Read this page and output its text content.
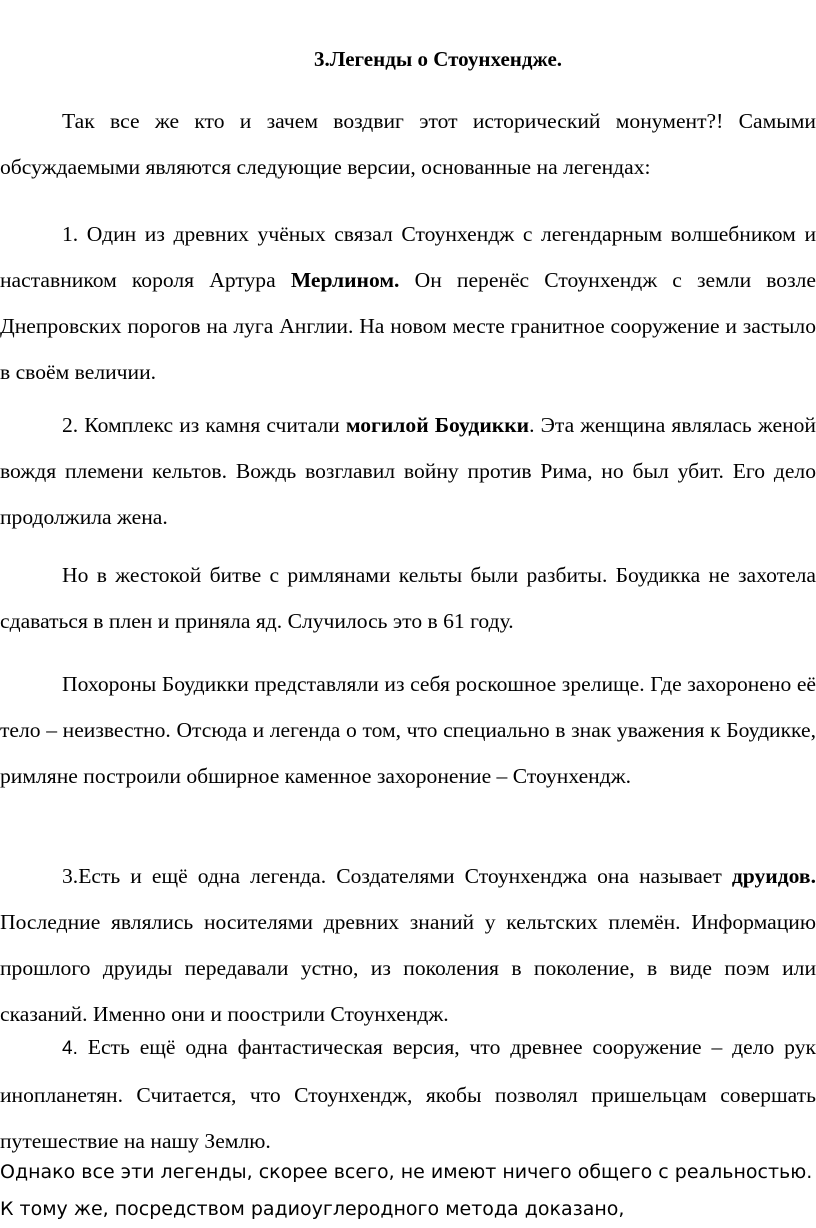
3.Легенды о Стоунхендже.

Так все же кто и зачем воздвиг этот исторический монумент?! Самыми обсуждаемыми являются следующие версии, основанные на легендах:

1. Один из древних учёных связал Стоунхендж с легендарным волшебником и наставником короля Артура Мерлином. Он перенёс Стоунхендж с земли возле Днепровских порогов на луга Англии. На новом месте гранитное сооружение и застыло в своём величии.

2. Комплекс из камня считали могилой Боудикки. Эта женщина являлась женой вождя племени кельтов. Вождь возглавил войну против Рима, но был убит. Его дело продолжила жена.

Но в жестокой битве с римлянами кельты были разбиты. Боудикка не захотела сдаваться в плен и приняла яд. Случилось это в 61 году.

Похороны Боудикки представляли из себя роскошное зрелище. Где захоронено её тело – неизвестно. Отсюда и легенда о том, что специально в знак уважения к Боудикке, римляне построили обширное каменное захоронение – Стоунхендж.

3.Есть и ещё одна легенда. Создателями Стоунхенджа она называет друидов. Последние являлись носителями древних знаний у кельтских племён. Информацию прошлого друиды передавали устно, из поколения в поколение, в виде поэм или сказаний. Именно они и поострили Стоунхендж.

4. Есть ещё одна фантастическая версия, что древнее сооружение – дело рук инопланетян. Считается, что Стоунхендж, якобы позволял пришельцам совершать путешествие на нашу Землю.

Однако все эти легенды, скорее всего, не имеют ничего общего с реальностью. К тому же, посредством радиоуглеродного метода доказано,
